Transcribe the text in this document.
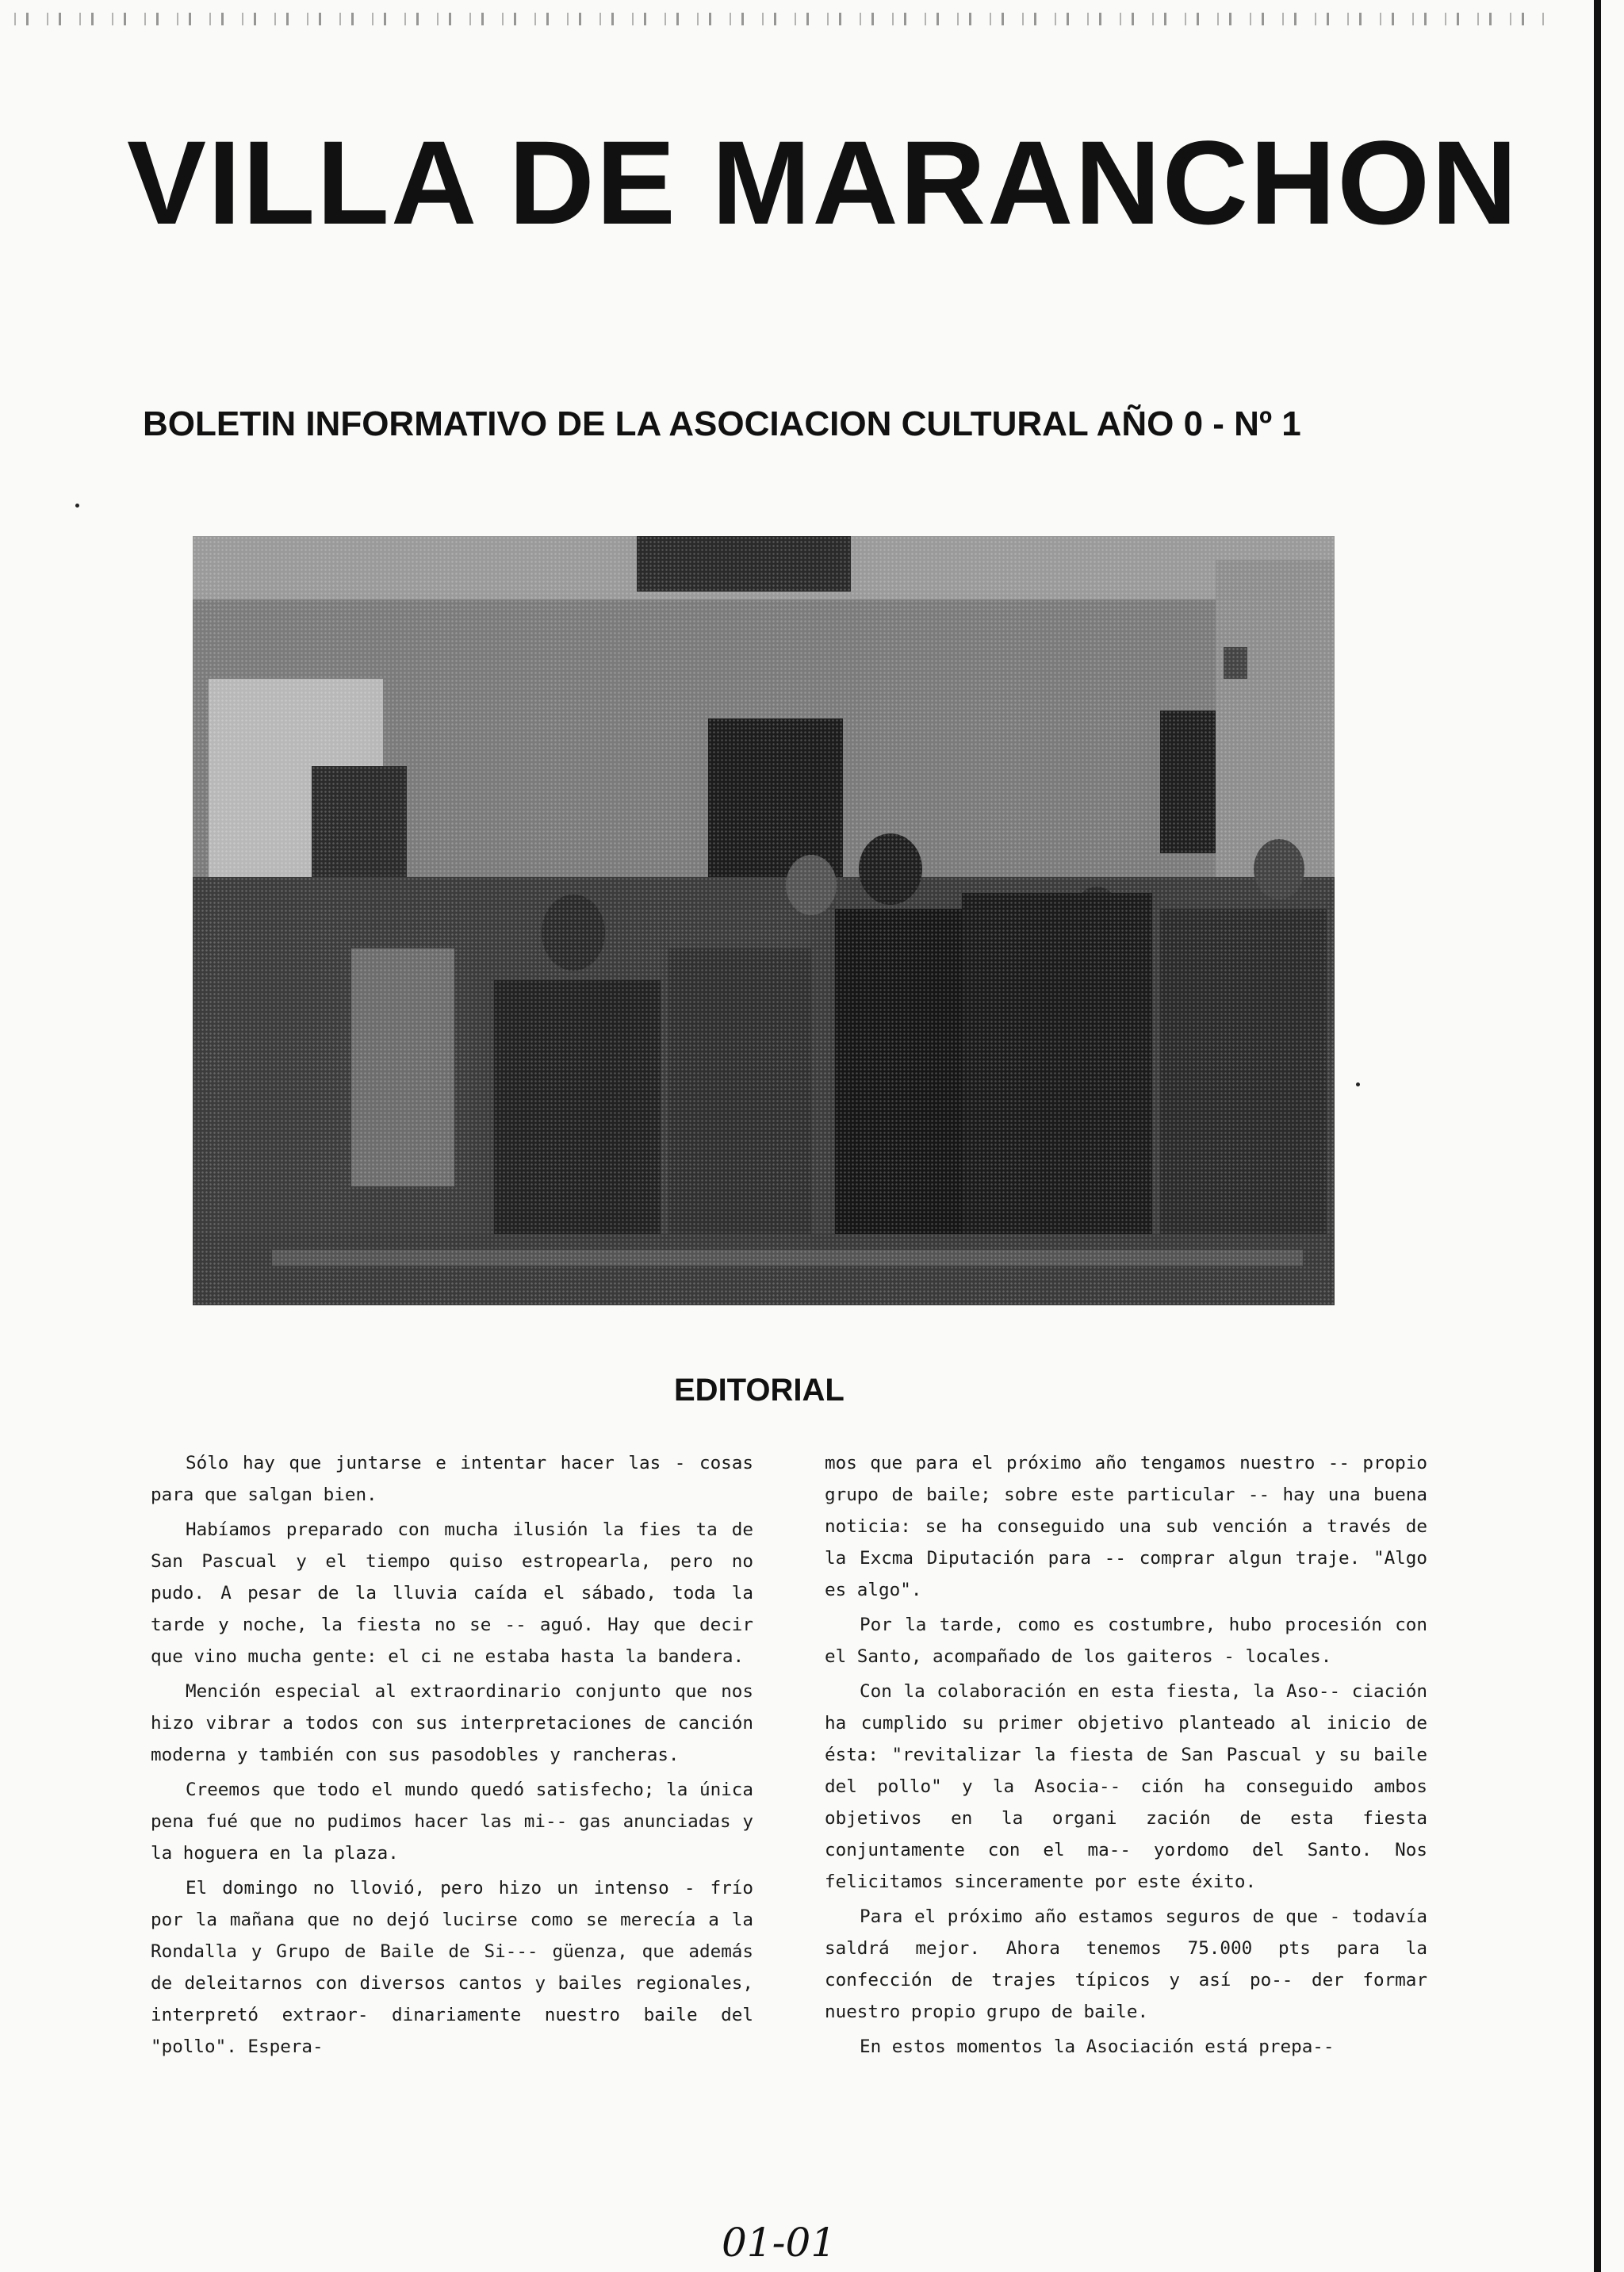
VILLA DE MARANCHON
BOLETIN INFORMATIVO DE LA ASOCIACION CULTURAL AÑO 0 - Nº 1
EDITORIAL

Sólo hay que juntarse e intentar hacer las - cosas para que salgan bien.

Habíamos preparado con mucha ilusión la fies ta de San Pascual y el tiempo quiso estropearla, pero no pudo. A pesar de la lluvia caída el sábado, toda la tarde y noche, la fiesta no se -- aguó. Hay que decir que vino mucha gente: el ci ne estaba hasta la bandera.

Mención especial al extraordinario conjunto que nos hizo vibrar a todos con sus interpretaciones de canción moderna y también con sus pasodobles y rancheras.

Creemos que todo el mundo quedó satisfecho; la única pena fué que no pudimos hacer las mi-- gas anunciadas y la hoguera en la plaza.

El domingo no llovió, pero hizo un intenso - frío por la mañana que no dejó lucirse como se merecía a la Rondalla y Grupo de Baile de Si--- güenza, que además de deleitarnos con diversos cantos y bailes regionales, interpretó extraor- dinariamente nuestro baile del "pollo". Espera-

mos que para el próximo año tengamos nuestro -- propio grupo de baile; sobre este particular -- hay una buena noticia: se ha conseguido una sub vención a través de la Excma Diputación para -- comprar algun traje. "Algo es algo".

Por la tarde, como es costumbre, hubo procesión con el Santo, acompañado de los gaiteros - locales.

Con la colaboración en esta fiesta, la Aso-- ciación ha cumplido su primer objetivo planteado al inicio de ésta: "revitalizar la fiesta de San Pascual y su baile del pollo" y la Asocia-- ción ha conseguido ambos objetivos en la organi zación de esta fiesta conjuntamente con el ma-- yordomo del Santo. Nos felicitamos sinceramente por este éxito.

Para el próximo año estamos seguros de que - todavía saldrá mejor. Ahora tenemos 75.000 pts para la confección de trajes típicos y así po-- der formar nuestro propio grupo de baile.

En estos momentos la Asociación está prepa--

01-01
